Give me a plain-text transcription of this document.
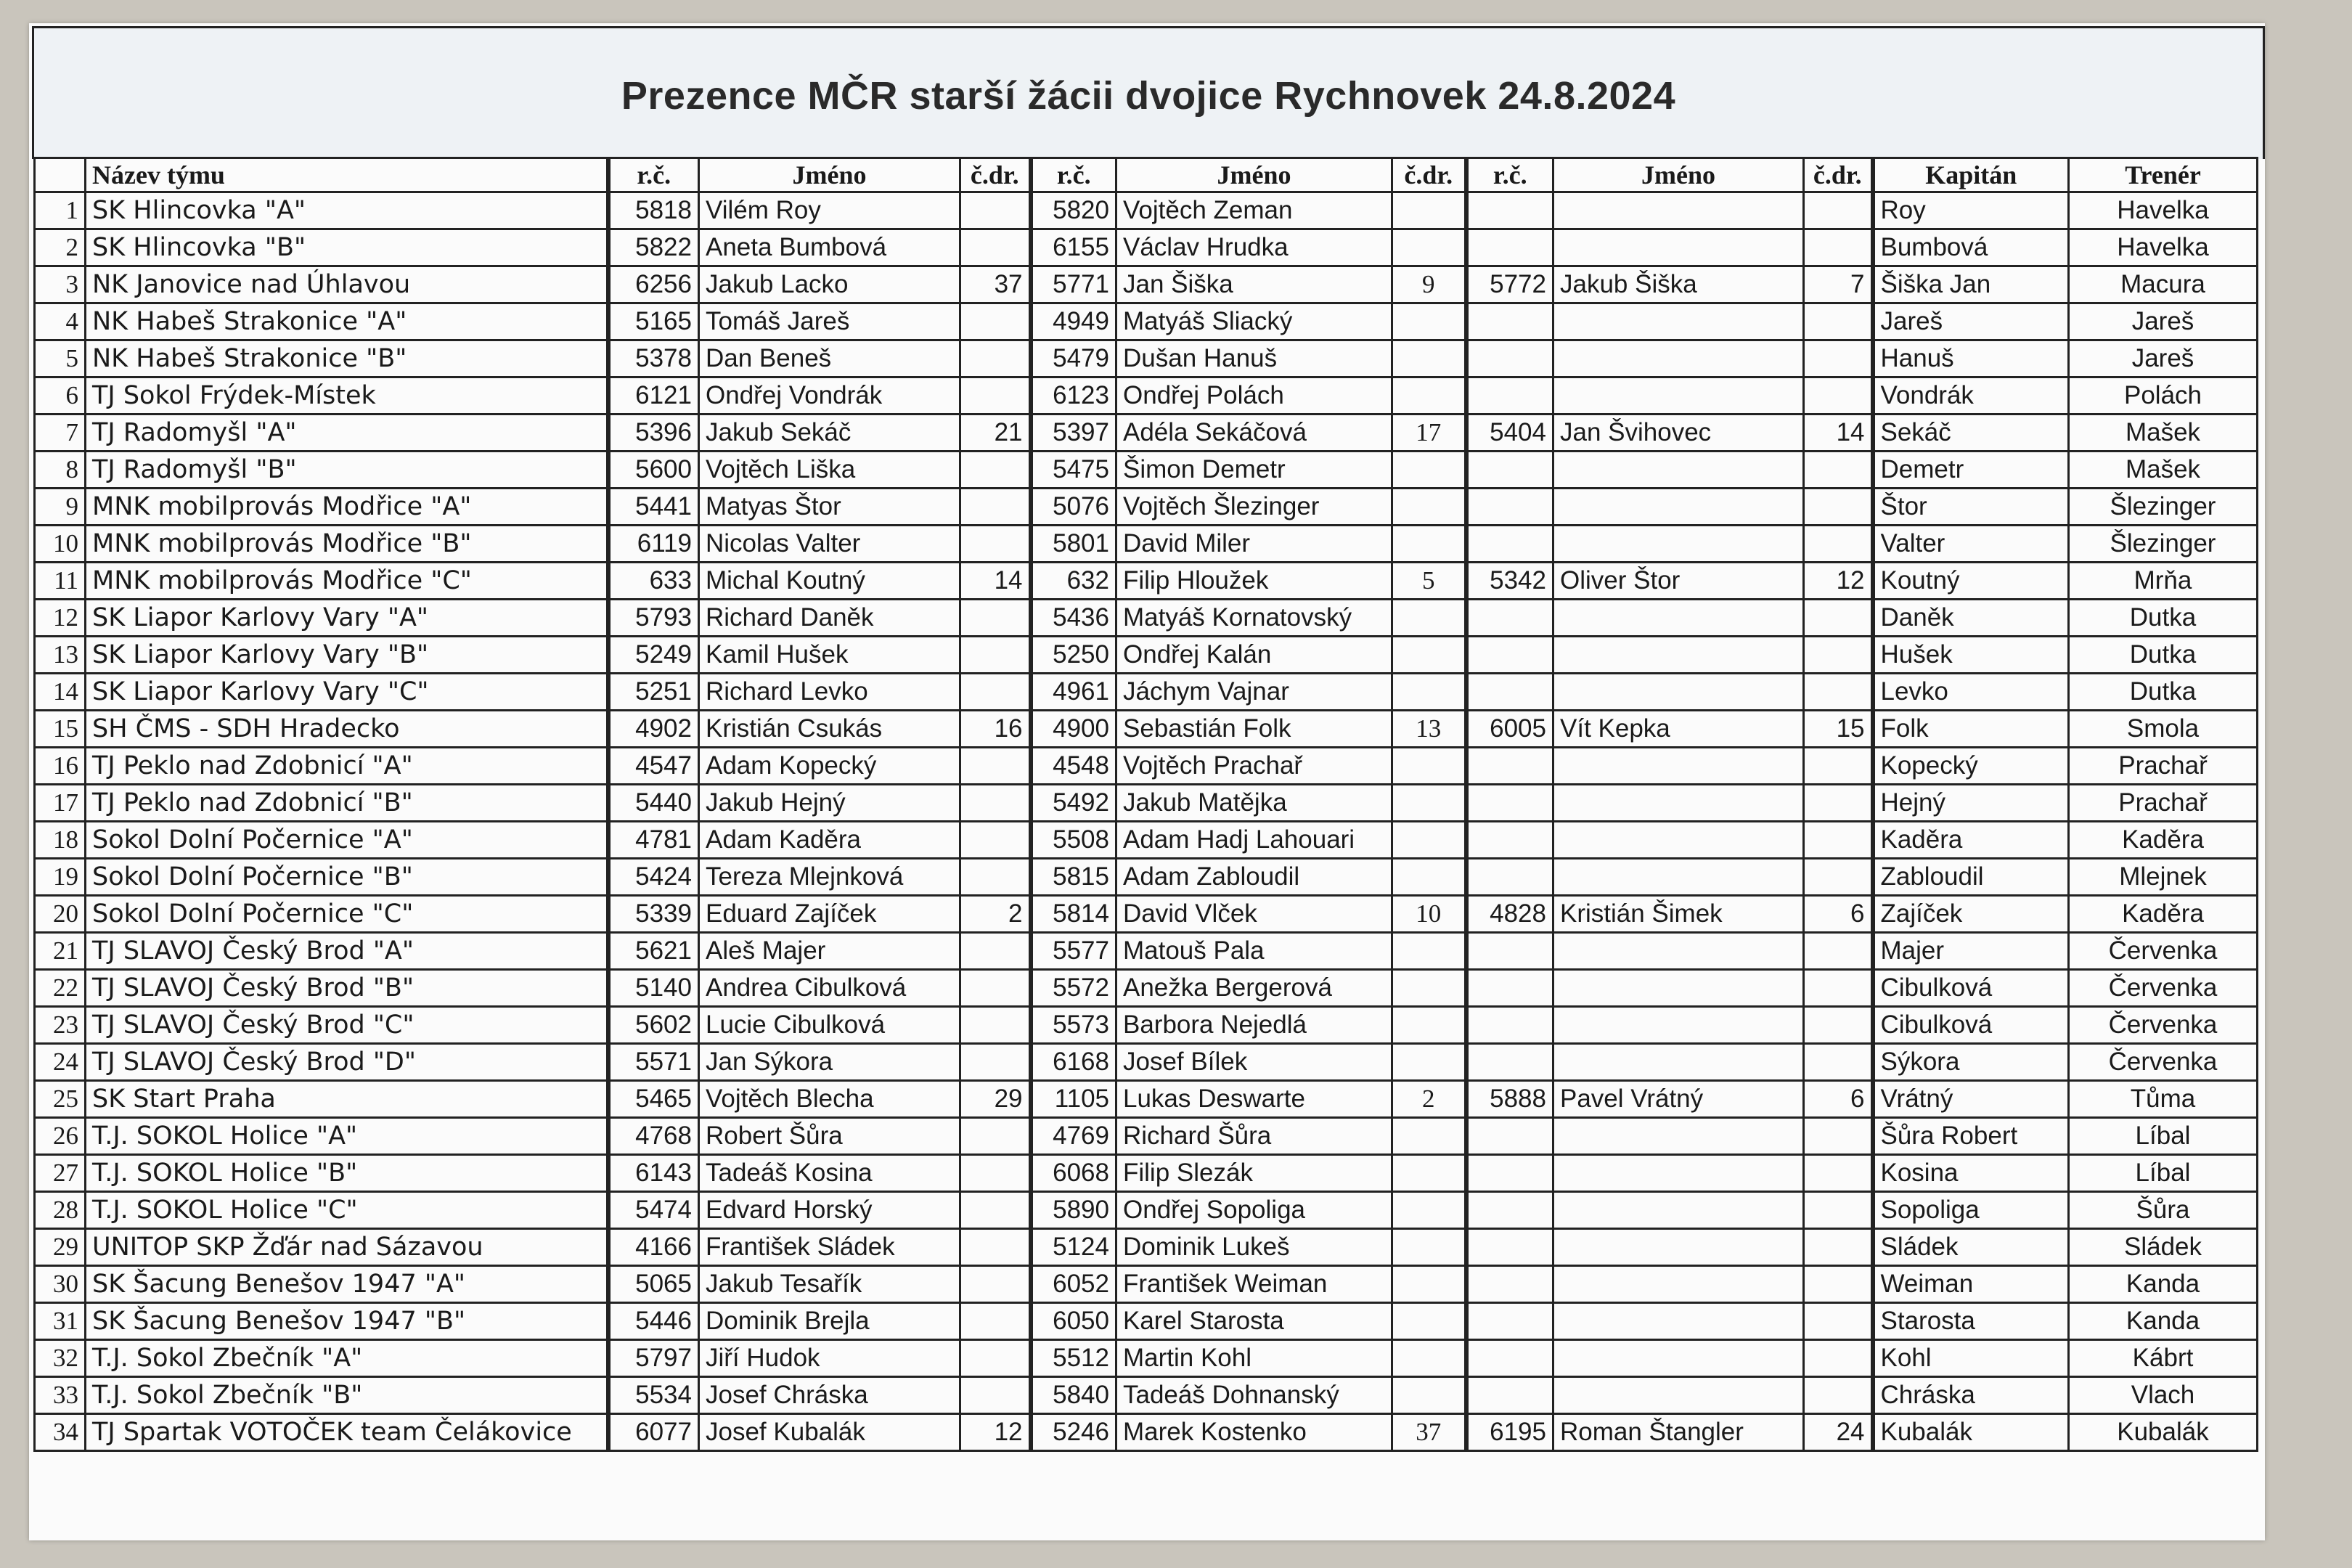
Prezence MČR starší žácii dvojice Rychnovek 24.8.2024
	Název týmu	r.č.	Jméno	č.dr.	r.č.	Jméno	č.dr.	r.č.	Jméno	č.dr.	Kapitán	Trenér
1	SK Hlincovka "A"	5818	Vilém Roy		5820	Vojtěch Zeman					Roy	Havelka
2	SK Hlincovka "B"	5822	Aneta Bumbová		6155	Václav Hrudka					Bumbová	Havelka
3	NK Janovice nad Úhlavou	6256	Jakub Lacko	37	5771	Jan Šiška	9	5772	Jakub Šiška	7	Šiška Jan	Macura
4	NK Habeš Strakonice "A"	5165	Tomáš Jareš		4949	Matyáš Sliacký					Jareš	Jareš
5	NK Habeš Strakonice "B"	5378	Dan Beneš		5479	Dušan Hanuš					Hanuš	Jareš
6	TJ Sokol Frýdek-Místek	6121	Ondřej Vondrák		6123	Ondřej Polách					Vondrák	Polách
7	TJ Radomyšl "A"	5396	Jakub Sekáč	21	5397	Adéla Sekáčová	17	5404	Jan Švihovec	14	Sekáč	Mašek
8	TJ Radomyšl "B"	5600	Vojtěch Liška		5475	Šimon Demetr					Demetr	Mašek
9	MNK mobilprovás Modřice "A"	5441	Matyas Štor		5076	Vojtěch Šlezinger					Štor	Šlezinger
10	MNK mobilprovás Modřice "B"	6119	Nicolas Valter		5801	David Miler					Valter	Šlezinger
11	MNK mobilprovás Modřice "C"	633	Michal Koutný	14	632	Filip Hloužek	5	5342	Oliver Štor	12	Koutný	Mrňa
12	SK Liapor Karlovy Vary "A"	5793	Richard Daněk		5436	Matyáš Kornatovský					Daněk	Dutka
13	SK Liapor Karlovy Vary "B"	5249	Kamil Hušek		5250	Ondřej Kalán					Hušek	Dutka
14	SK Liapor Karlovy Vary "C"	5251	Richard Levko		4961	Jáchym Vajnar					Levko	Dutka
15	SH ČMS - SDH Hradecko	4902	Kristián Csukás	16	4900	Sebastián Folk	13	6005	Vít Kepka	15	Folk	Smola
16	TJ Peklo nad Zdobnicí "A"	4547	Adam Kopecký		4548	Vojtěch Prachař					Kopecký	Prachař
17	TJ Peklo nad Zdobnicí "B"	5440	Jakub Hejný		5492	Jakub Matějka					Hejný	Prachař
18	Sokol Dolní Počernice "A"	4781	Adam Kaděra		5508	Adam Hadj Lahouari					Kaděra	Kaděra
19	Sokol Dolní Počernice "B"	5424	Tereza Mlejnková		5815	Adam Zabloudil					Zabloudil	Mlejnek
20	Sokol Dolní Počernice "C"	5339	Eduard Zajíček	2	5814	David Vlček	10	4828	Kristián Šimek	6	Zajíček	Kaděra
21	TJ SLAVOJ Český Brod "A"	5621	Aleš Majer		5577	Matouš Pala					Majer	Červenka
22	TJ SLAVOJ Český Brod "B"	5140	Andrea Cibulková		5572	Anežka Bergerová					Cibulková	Červenka
23	TJ SLAVOJ Český Brod "C"	5602	Lucie Cibulková		5573	Barbora Nejedlá					Cibulková	Červenka
24	TJ SLAVOJ Český Brod "D"	5571	Jan Sýkora		6168	Josef Bílek					Sýkora	Červenka
25	SK Start Praha	5465	Vojtěch Blecha	29	1105	Lukas Deswarte	2	5888	Pavel Vrátný	6	Vrátný	Tůma
26	T.J. SOKOL Holice "A"	4768	Robert Šůra		4769	Richard Šůra					Šůra Robert	Líbal
27	T.J. SOKOL Holice "B"	6143	Tadeáš Kosina		6068	Filip Slezák					Kosina	Líbal
28	T.J. SOKOL Holice "C"	5474	Edvard Horský		5890	Ondřej Sopoliga					Sopoliga	Šůra
29	UNITOP SKP Žďár nad Sázavou	4166	František Sládek		5124	Dominik Lukeš					Sládek	Sládek
30	SK Šacung Benešov 1947 "A"	5065	Jakub Tesařík		6052	František Weiman					Weiman	Kanda
31	SK Šacung Benešov 1947 "B"	5446	Dominik Brejla		6050	Karel Starosta					Starosta	Kanda
32	T.J. Sokol Zbečník "A"	5797	Jiří Hudok		5512	Martin Kohl					Kohl	Kábrt
33	T.J. Sokol Zbečník "B"	5534	Josef Chráska		5840	Tadeáš Dohnanský					Chráska	Vlach
34	TJ Spartak VOTOČEK team Čelákovice	6077	Josef Kubalák	12	5246	Marek Kostenko	37	6195	Roman Štangler	24	Kubalák	Kubalák
